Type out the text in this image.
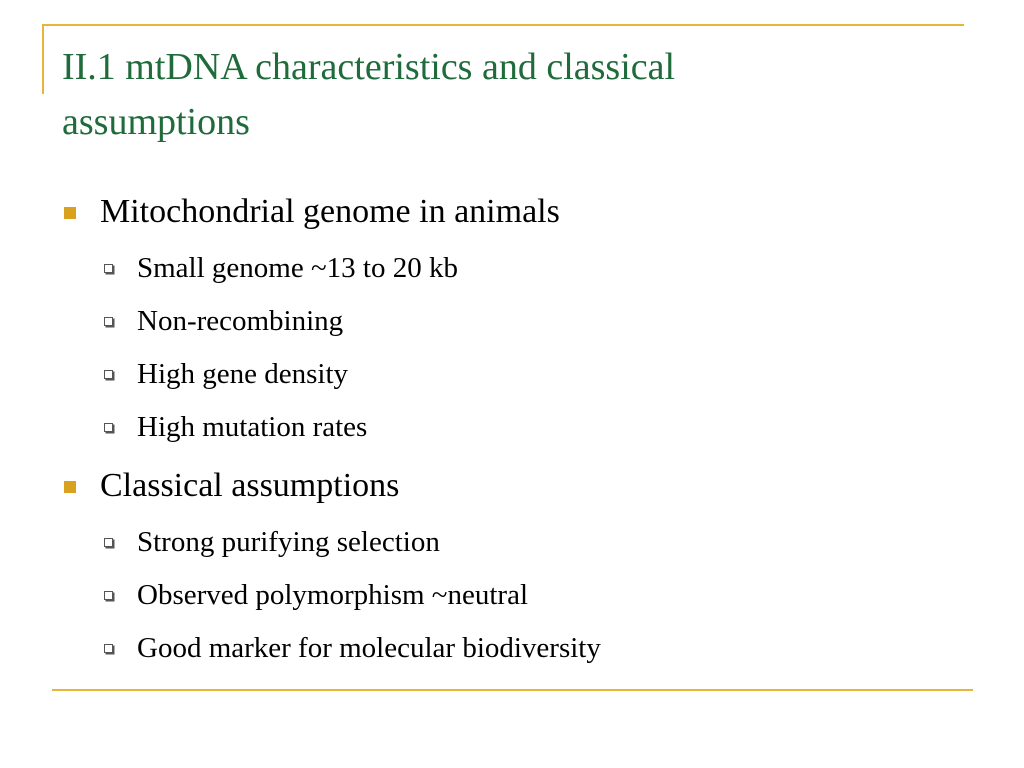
II.1 mtDNA characteristics and classical
assumptions
Mitochondrial genome in animals
Small genome ~13 to 20 kb
Non-recombining
High gene density
High mutation rates
Classical assumptions
Strong purifying selection
Observed polymorphism ~neutral
Good marker for molecular biodiversity
